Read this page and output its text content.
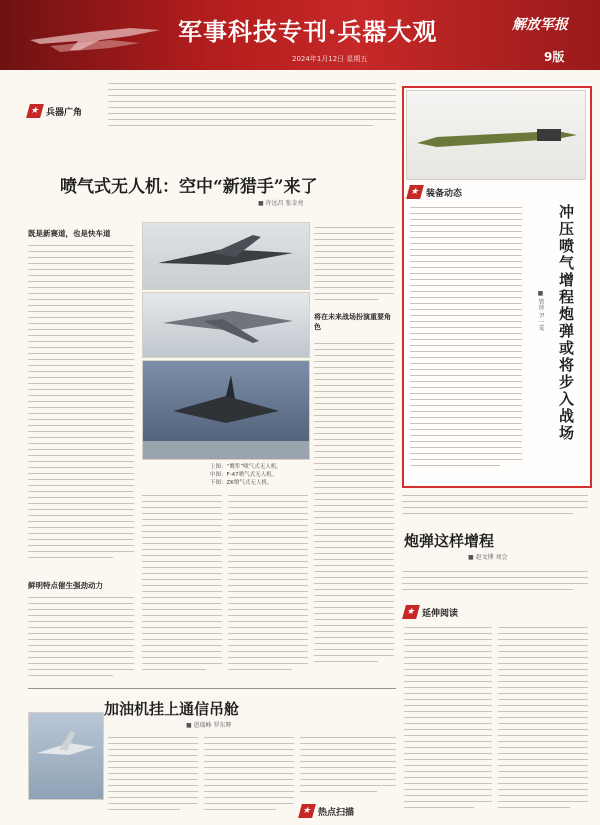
军事科技专刊·兵器大观	解放军报
2024年1月12日 星期五	9版
★ 兵器广角
喷气式无人机：空中“新猎手”来了
■ 许远昌 张金亮
既是新赛道，也是快车道
鲜明特点催生强劲动力
上图：“鹰隼”喷气式无人机。
中图：F-47喷气式无人机。
下图：ZK喷气式无人机。
将在未来战场扮演重要角色
★ 装备动态
冲压喷气增程炮弹或将步入战场
■ 管珍 尹一雯
炮弹这样增程
■ 赵文博 刘会
★ 延伸阅读
加油机挂上通信吊舱
■ 恩瑞峰 罗东辉
★ 热点扫描
